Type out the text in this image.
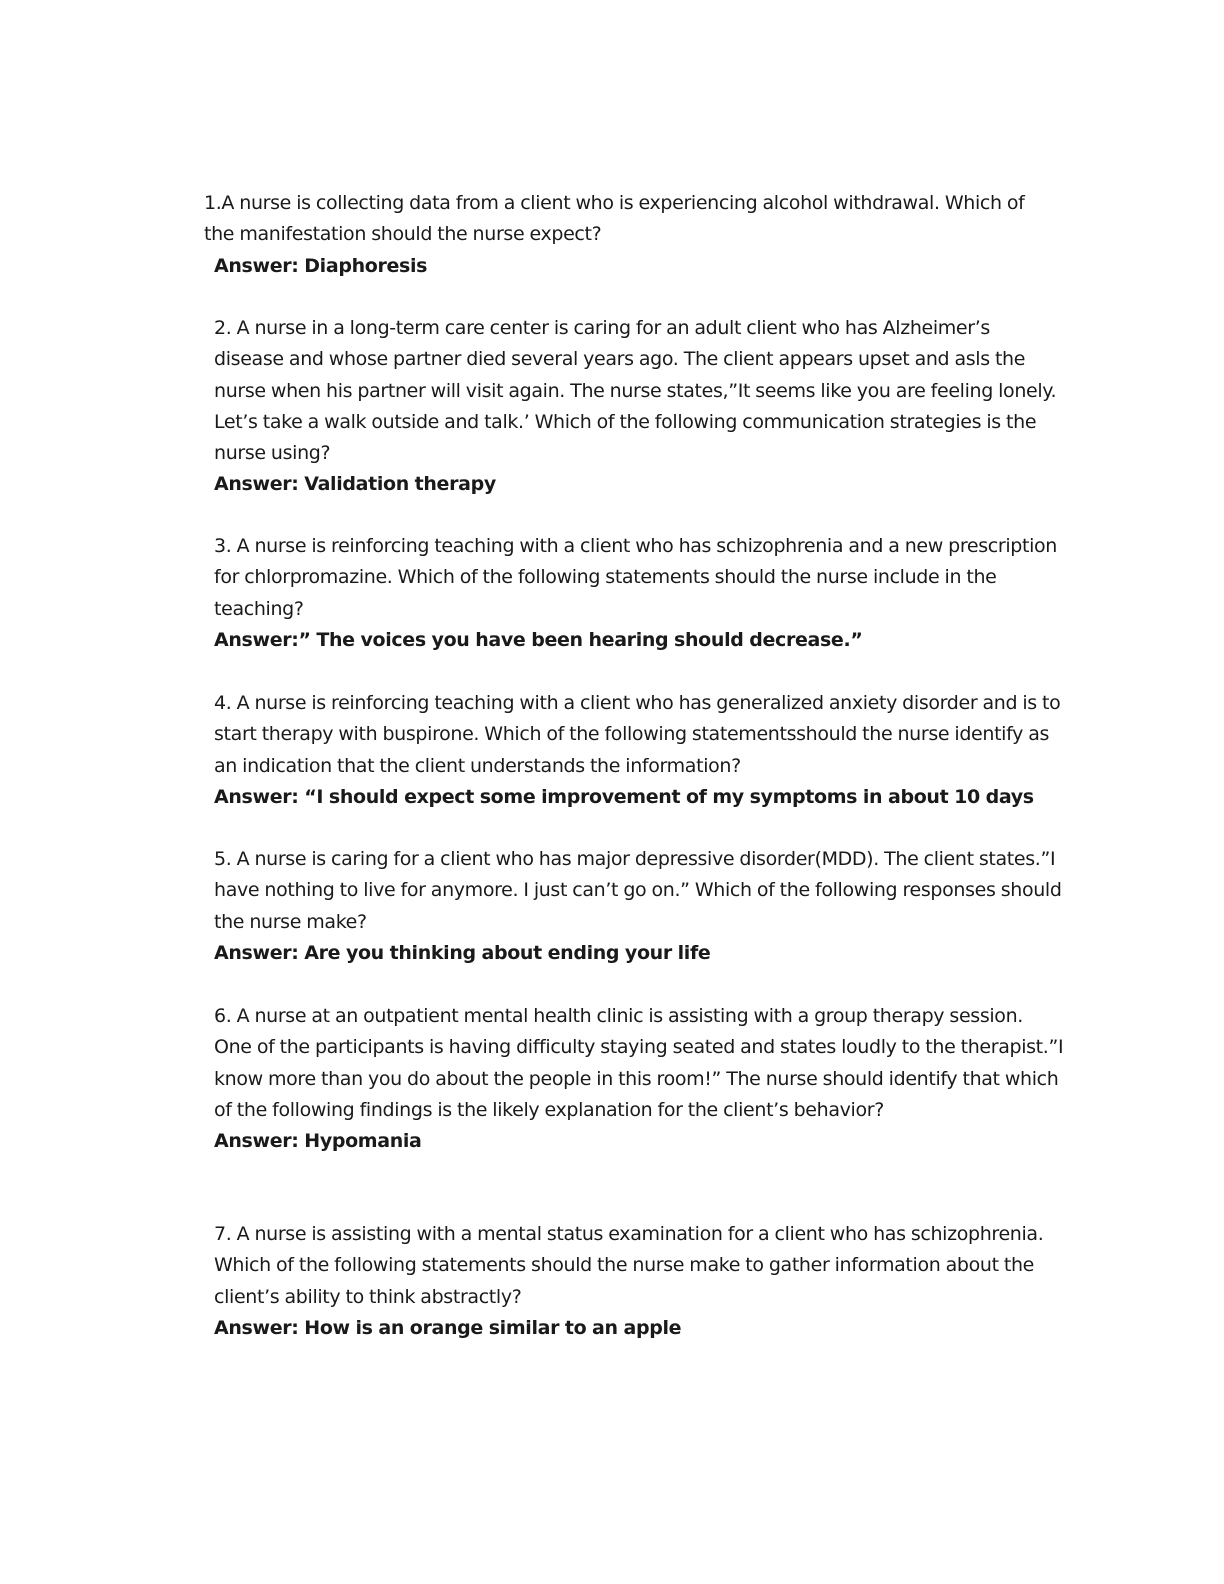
1.A nurse is collecting data from a client who is experiencing alcohol withdrawal. Which of the manifestation should the nurse expect?

Answer: Diaphoresis

2. A nurse in a long-term care center is caring for an adult client who has Alzheimer’s disease and whose partner died several years ago. The client appears upset and asls the nurse when his partner will visit again. The nurse states,”It seems like you are feeling lonely. Let’s take a walk outside and talk.’ Which of the following communication strategies is the nurse using?

Answer: Validation therapy

3. A nurse is reinforcing teaching with a client who has schizophrenia and a new prescription for chlorpromazine. Which of the following statements should the nurse include in the teaching?

Answer:” The voices you have been hearing should decrease.”

4. A nurse is reinforcing teaching with a client who has generalized anxiety disorder and is to start therapy with buspirone. Which of the following statementsshould the nurse identify as an indication that the client understands the information?

Answer: “I should expect some improvement of my symptoms in about 10 days

5. A nurse is caring for a client who has major depressive disorder(MDD). The client states.”I have nothing to live for anymore. I just can’t go on.” Which of the following responses should the nurse make?

Answer: Are you thinking about ending your life

6. A nurse at an outpatient mental health clinic is assisting with a group therapy session. One of the participants is having difficulty staying seated and states loudly to the therapist.”I know more than you do about the people in this room!” The nurse should identify that which of the following findings is the likely explanation for the client’s behavior?

Answer: Hypomania

7. A nurse is assisting with a mental status examination for a client who has schizophrenia. Which of the following statements should the nurse make to gather information about the client’s ability to think abstractly?

Answer: How is an orange similar to an apple
